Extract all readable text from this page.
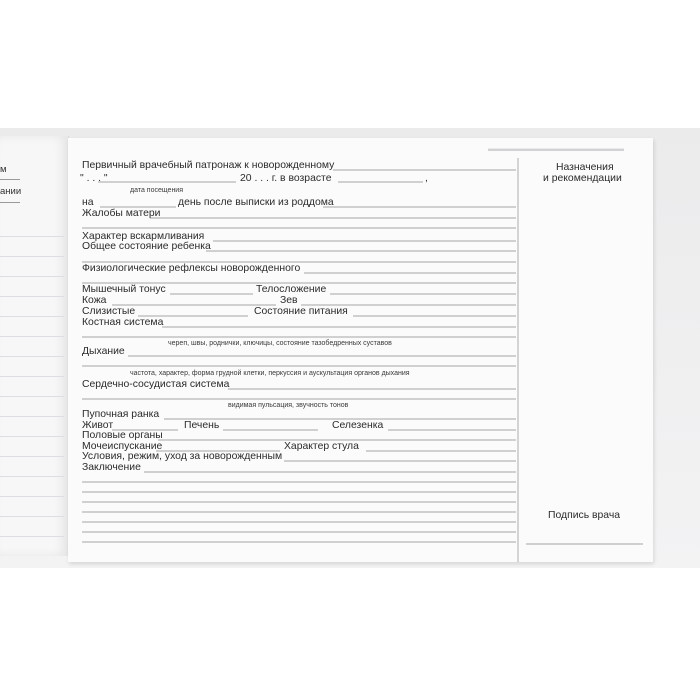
м
ании
▬▬▬▬▬▬▬▬▬▬▬▬▬▬▬▬▬
Первичный врачебный патронаж к новорожденному
" . . . "	20 . . . г. в возрасте	,
дата посещения
на	день после выписки из роддома
Жалобы матери
Характер вскармливания
Общее состояние ребенка
Физиологические рефлексы новорожденного
Мышечный тонус	Телосложение
Кожа	Зев
Слизистые	Состояние питания
Костная система
череп, швы, роднички, ключицы, состояние тазобедренных суставов
Дыхание
частота, характер, форма грудной клетки, перкуссия и аускультация органов дыхания
Сердечно-сосудистая система
видимая пульсация, звучность тонов
Пупочная ранка
Живот	Печень	Селезенка
Половые органы
Мочеиспускание	Характер стула
Условия, режим, уход за новорожденным
Заключение
Назначения
и рекомендации
Подпись врача
